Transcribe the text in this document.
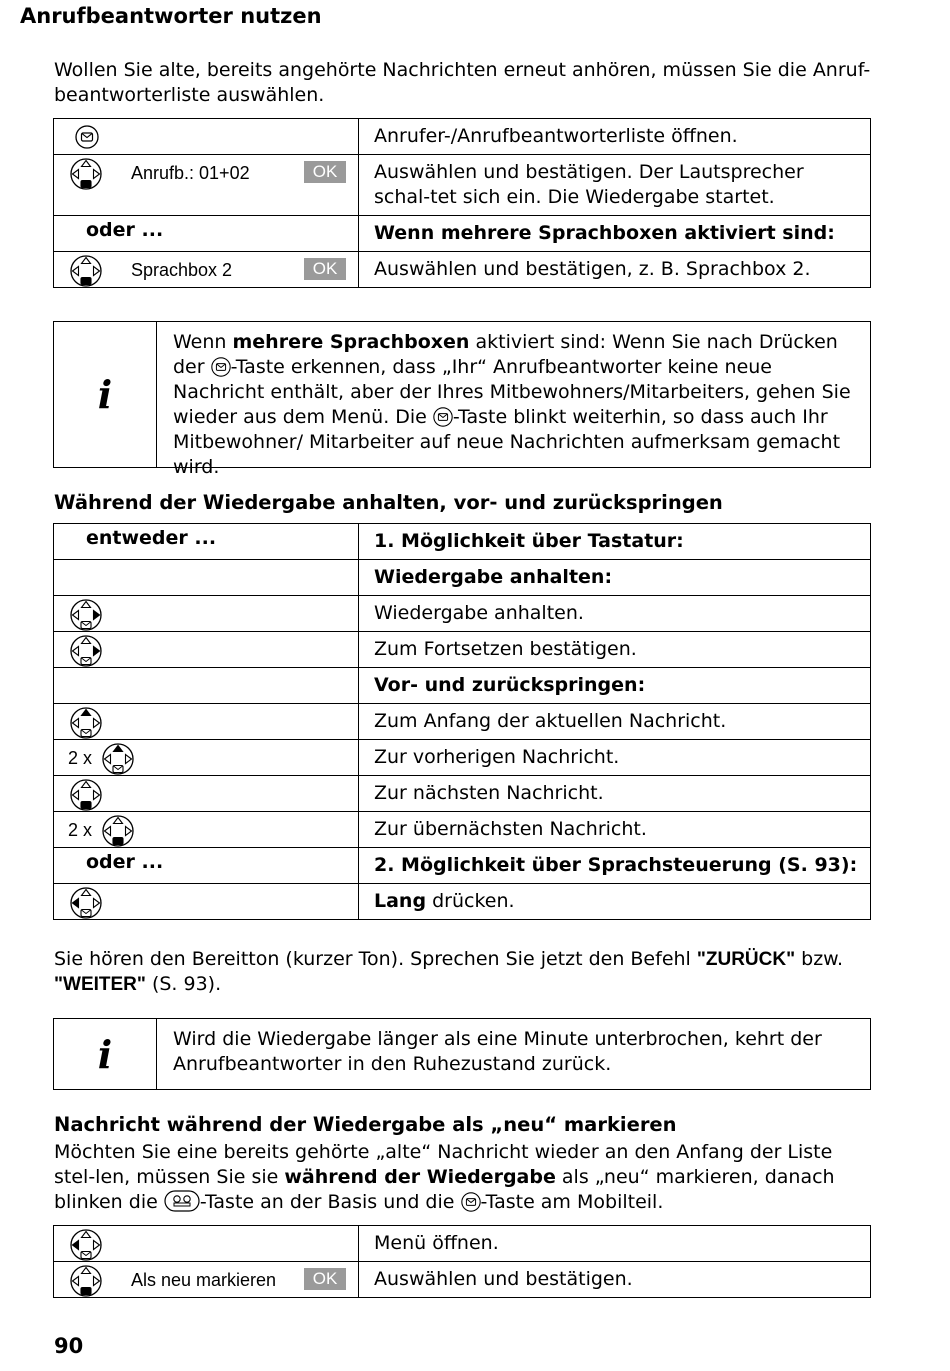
Anrufbeantworter nutzen
Wollen Sie alte, bereits angehörte Nachrichten erneut anhören, müssen Sie die Anruf-beantworterliste auswählen.
	Anrufer-/Anrufbeantworterliste öffnen.

Anrufb.: 01+02 OK	Auswählen und bestätigen. Der Lautsprecher schal-tet sich ein. Die Wiedergabe startet.

oder ...	Wenn mehrere Sprachboxen aktiviert sind:

Sprachbox 2 OK	Auswählen und bestätigen, z. B. Sprachbox 2.
i
Wenn mehrere Sprachboxen aktiviert sind: Wenn Sie nach Drücken der -Taste erkennen, dass „Ihr“ Anrufbeantworter keine neue Nachricht enthält, aber der Ihres Mitbewohners/Mitarbeiters, gehen Sie wieder aus dem Menü. Die -Taste blinkt weiterhin, so dass auch Ihr Mitbewohner/ Mitarbeiter auf neue Nachrichten aufmerksam gemacht wird.
Während der Wiedergabe anhalten, vor- und zurückspringen
entweder ...	1. Möglichkeit über Tastatur:
	Wiedergabe anhalten:

	Wiedergabe anhalten.

	Zum Fortsetzen bestätigen.
	Vor- und zurückspringen:

	Zum Anfang der aktuellen Nachricht.

2 x	Zur vorherigen Nachricht.

	Zur nächsten Nachricht.

2 x	Zur übernächsten Nachricht.

oder ...	2. Möglichkeit über Sprachsteuerung (S. 93):

	Lang drücken.
Sie hören den Bereitton (kurzer Ton). Sprechen Sie jetzt den Befehl "ZURÜCK" bzw. "WEITER" (S. 93).
i	Wird die Wiedergabe länger als eine Minute unterbrochen, kehrt der Anrufbeantworter in den Ruhezustand zurück.
Nachricht während der Wiedergabe als „neu“ markieren
Möchten Sie eine bereits gehörte „alte“ Nachricht wieder an den Anfang der Liste stel-len, müssen Sie sie während der Wiedergabe als „neu“ markieren, danach blinken die -Taste an der Basis und die -Taste am Mobilteil.
	Menü öffnen.

Als neu markieren OK	Auswählen und bestätigen.
90
